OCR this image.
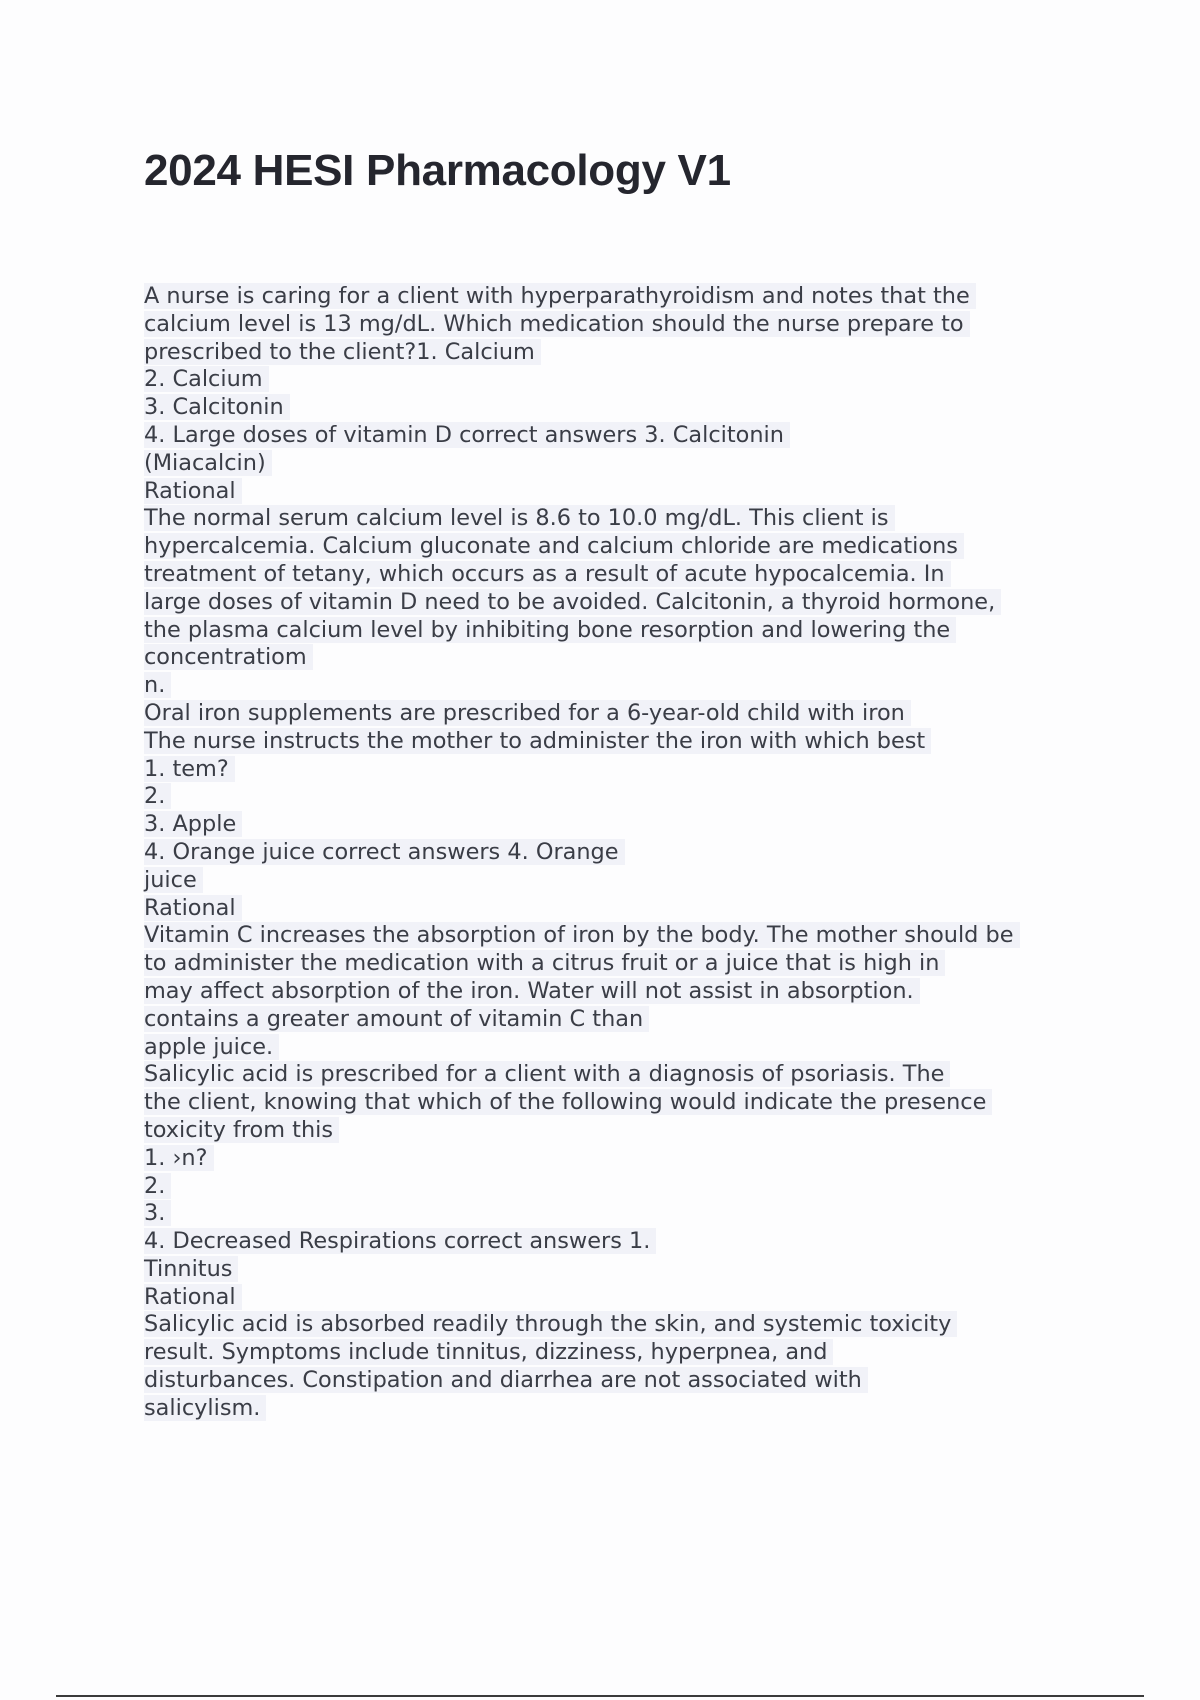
2024 HESI Pharmacology V1
A nurse is caring for a client with hyperparathyroidism and notes that the
calcium level is 13 mg/dL. Which medication should the nurse prepare to
prescribed to the client?1. Calcium
2. Calcium
3. Calcitonin
4. Large doses of vitamin D correct answers 3. Calcitonin
(Miacalcin)
Rational
The normal serum calcium level is 8.6 to 10.0 mg/dL. This client is
hypercalcemia. Calcium gluconate and calcium chloride are medications
treatment of tetany, which occurs as a result of acute hypocalcemia. In
large doses of vitamin D need to be avoided. Calcitonin, a thyroid hormone,
the plasma calcium level by inhibiting bone resorption and lowering the
concentratiom
n.
Oral iron supplements are prescribed for a 6-year-old child with iron
The nurse instructs the mother to administer the iron with which best
1. tem?
2.
3. Apple
4. Orange juice correct answers 4. Orange
juice
Rational
Vitamin C increases the absorption of iron by the body. The mother should be
to administer the medication with a citrus fruit or a juice that is high in
may affect absorption of the iron. Water will not assist in absorption.
contains a greater amount of vitamin C than
apple juice.
Salicylic acid is prescribed for a client with a diagnosis of psoriasis. The
the client, knowing that which of the following would indicate the presence
toxicity from this
1. ›n?
2.
3.
4. Decreased Respirations correct answers 1.
Tinnitus
Rational
Salicylic acid is absorbed readily through the skin, and systemic toxicity
result. Symptoms include tinnitus, dizziness, hyperpnea, and
disturbances. Constipation and diarrhea are not associated with
salicylism.
